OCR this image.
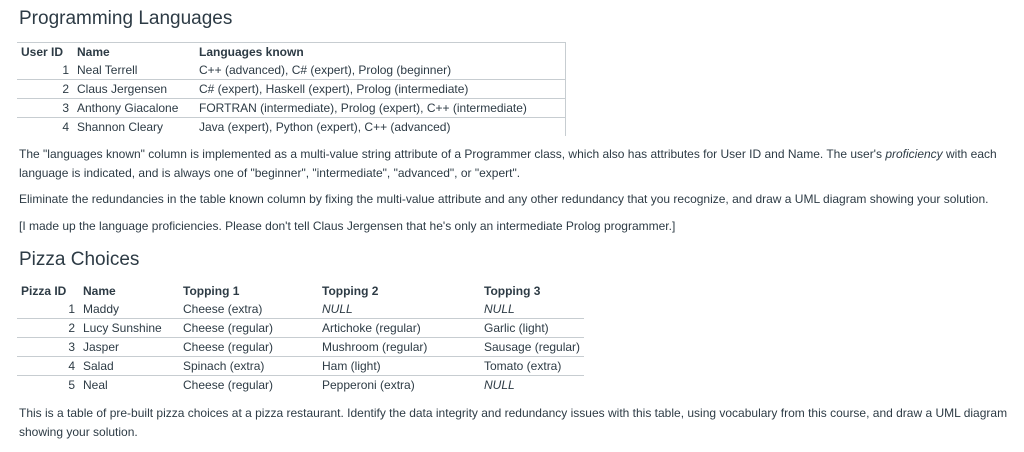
Programming Languages
User ID	Name	Languages known
1	Neal Terrell	C++ (advanced), C# (expert), Prolog (beginner)
2	Claus Jergensen	C# (expert), Haskell (expert), Prolog (intermediate)
3	Anthony Giacalone	FORTRAN (intermediate), Prolog (expert), C++ (intermediate)
4	Shannon Cleary	Java (expert), Python (expert), C++ (advanced)

The "languages known" column is implemented as a multi-value string attribute of a Programmer class, which also has attributes for User ID and Name. The user's proficiency with each language is indicated, and is always one of "beginner", "intermediate", "advanced", or "expert".

Eliminate the redundancies in the table known column by fixing the multi-value attribute and any other redundancy that you recognize, and draw a UML diagram showing your solution.

[I made up the language proficiencies. Please don't tell Claus Jergensen that he's only an intermediate Prolog programmer.]

Pizza Choices
Pizza ID	Name	Topping 1	Topping 2	Topping 3
1	Maddy	Cheese (extra)	NULL	NULL
2	Lucy Sunshine	Cheese (regular)	Artichoke (regular)	Garlic (light)
3	Jasper	Cheese (regular)	Mushroom (regular)	Sausage (regular)
4	Salad	Spinach (extra)	Ham (light)	Tomato (extra)
5	Neal	Cheese (regular)	Pepperoni (extra)	NULL

This is a table of pre-built pizza choices at a pizza restaurant. Identify the data integrity and redundancy issues with this table, using vocabulary from this course, and draw a UML diagram showing your solution.
